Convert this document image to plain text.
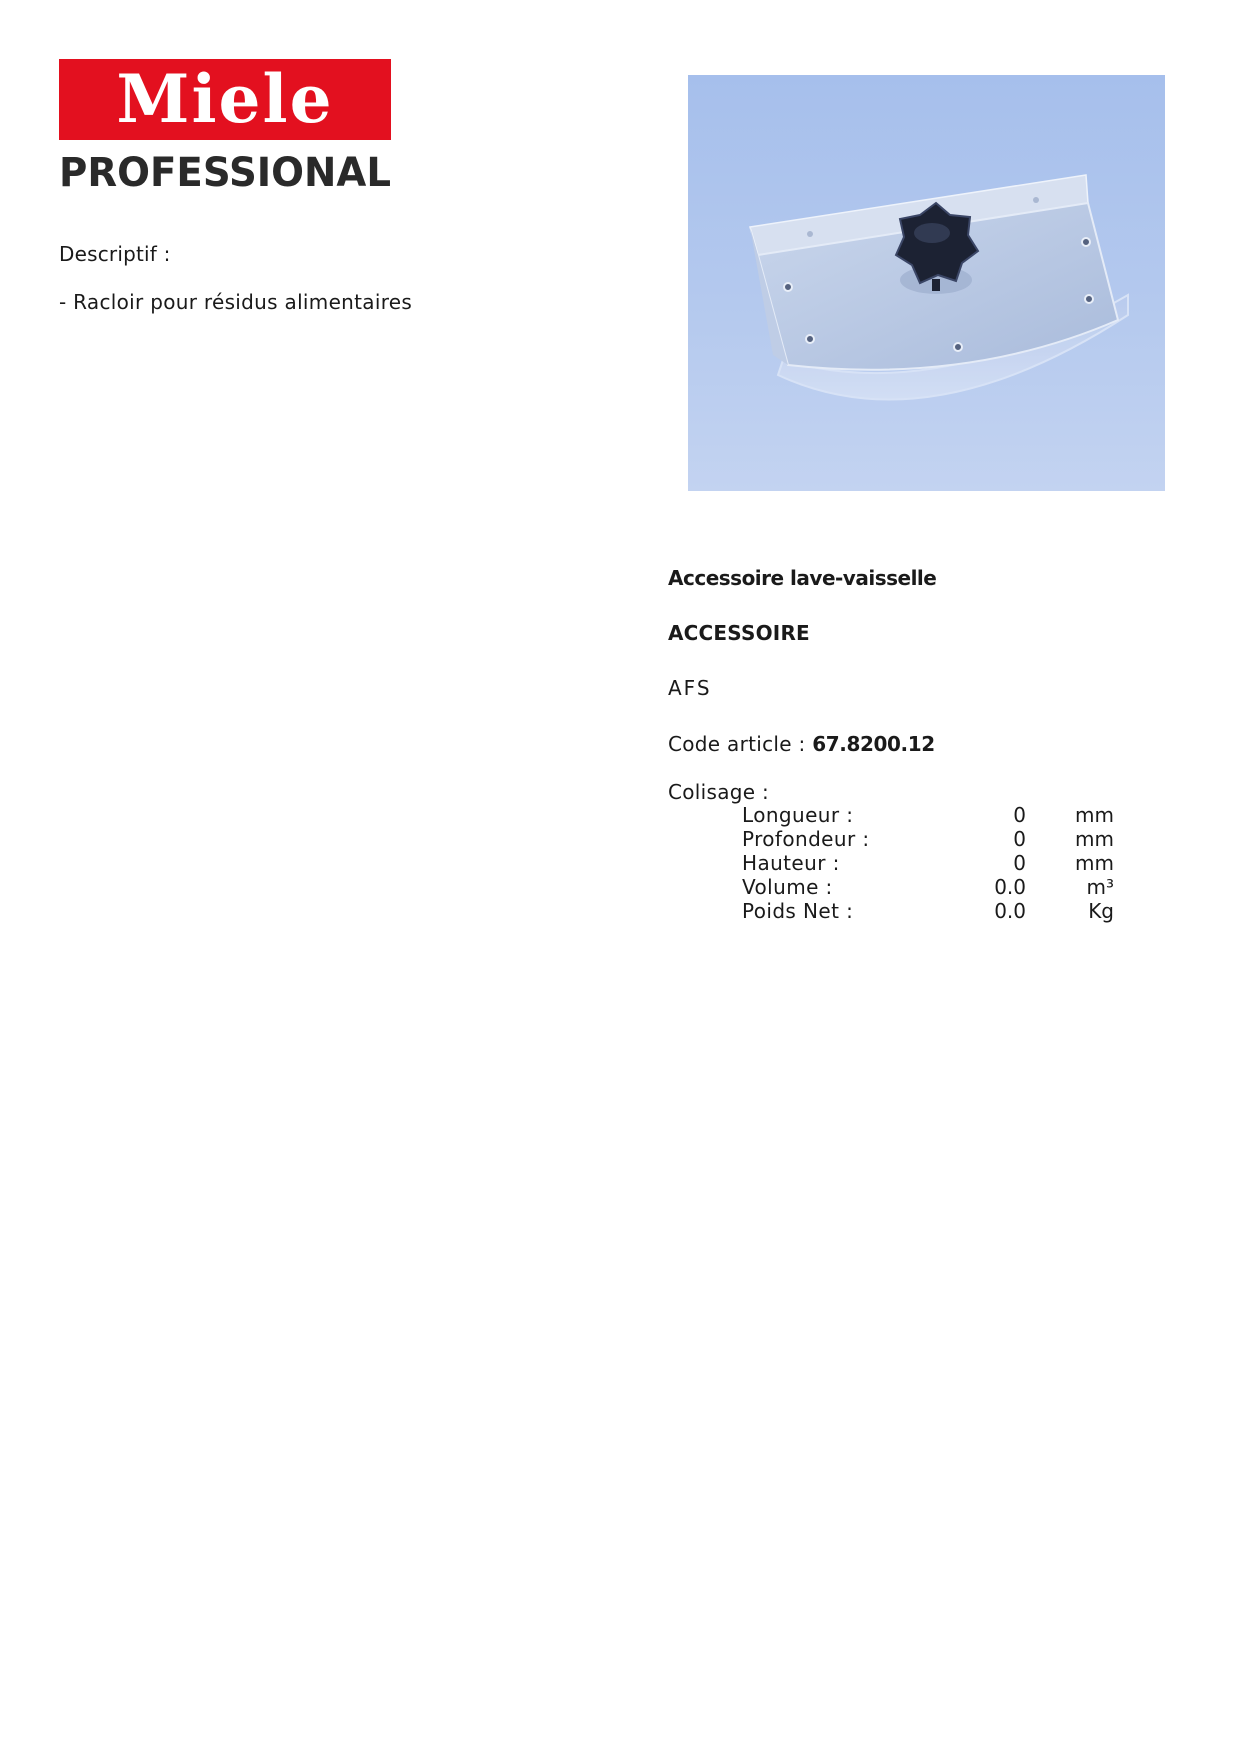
Miele
PROFESSIONAL
Descriptif :
- Racloir pour résidus alimentaires
Accessoire lave-vaisselle
ACCESSOIRE
AFS
Code article : 67.8200.12
Colisage :
Longueur :	0 mm
Profondeur :	0 mm
Hauteur :	0 mm
Volume :	0.0	m³
Poids Net :	0.0	Kg
